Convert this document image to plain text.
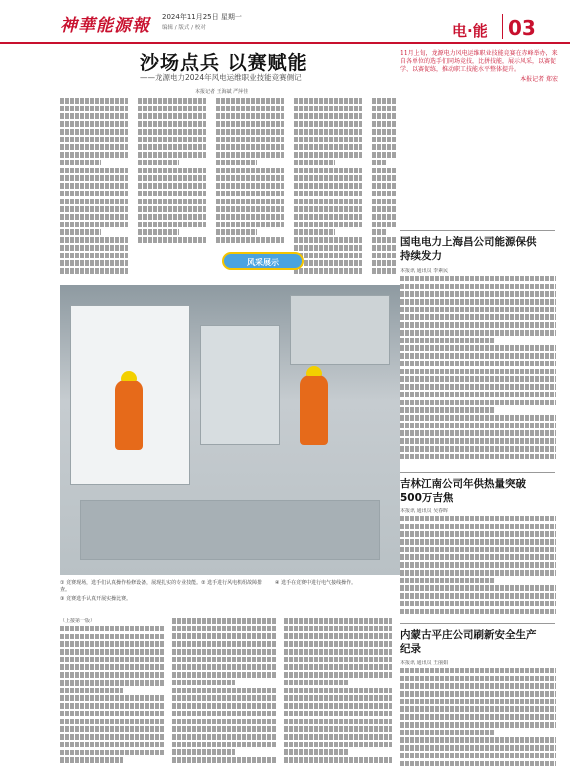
神華能源報 2024年11月25日 星期一
编辑 / 版式 / 校对	电·能 03
沙场点兵 以赛赋能
——龙源电力2024年风电运维职业技能竞赛侧记
本报记者 王海斌 严萍佳
11月上旬，龙源电力风电运维职业技能竞赛在赤峰举办，来自各单位的选手们同场竞技，比拼技能，展示风采，以赛促学、以赛促练，推动职工技能水平整体提升。
本报记者 郑宏
风采展示
① 竞赛现场，选手们认真操作检修设备，展现扎实的专业技能。② 选手进行风电机组故障排查。
③ 竞赛选手认真开展实操比赛。
④ 选手在竞赛中进行电气接线操作。
（上接第一版）
国电电力上海昌公司能源保供持续发力
本报讯 通讯员 李素民
吉林江南公司年供热量突破500万吉焦
本报讯 通讯员 吴春晖
内蒙古平庄公司刷新安全生产纪录
本报讯 通讯员 王丽娟
